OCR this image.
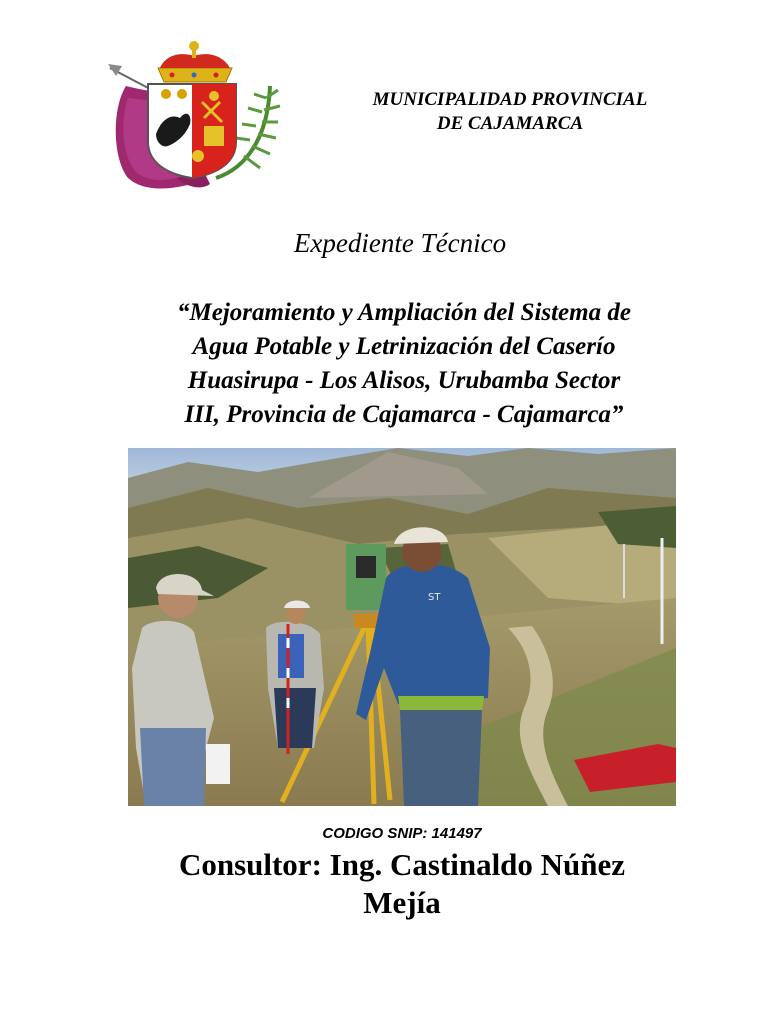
MUNICIPALIDAD PROVINCIAL
DE CAJAMARCA
Expediente Técnico
“Mejoramiento y Ampliación del Sistema de
Agua Potable y Letrinización del Caserío
Huasirupa - Los Alisos, Urubamba Sector
III, Provincia de Cajamarca - Cajamarca”
ST
CODIGO SNIP: 141497
Consultor: Ing. Castinaldo Núñez
Mejía
